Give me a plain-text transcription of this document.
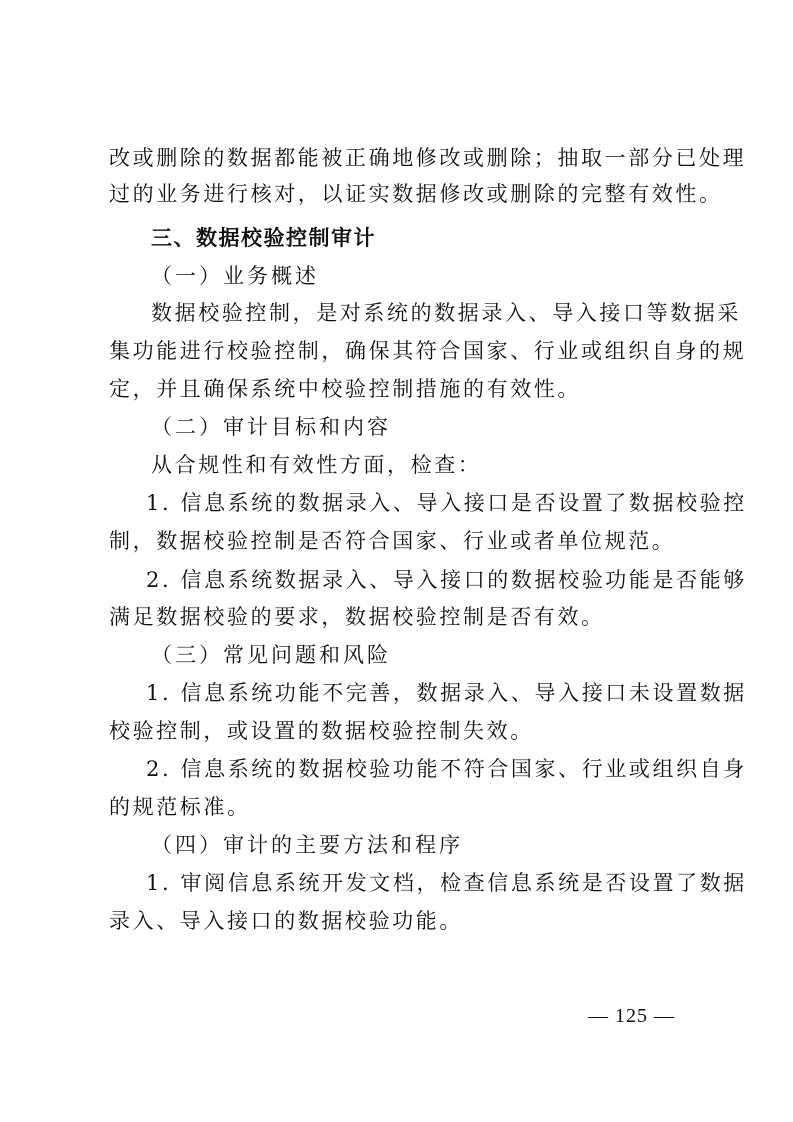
改或删除的数据都能被正确地修改或删除；抽取一部分已处理
过的业务进行核对，以证实数据修改或删除的完整有效性。
三、数据校验控制审计
（一）业务概述
数据校验控制，是对系统的数据录入、导入接口等数据采
集功能进行校验控制，确保其符合国家、行业或组织自身的规
定，并且确保系统中校验控制措施的有效性。
（二）审计目标和内容
从合规性和有效性方面，检查：
1. 信息系统的数据录入、导入接口是否设置了数据校验控
制，数据校验控制是否符合国家、行业或者单位规范。
2. 信息系统数据录入、导入接口的数据校验功能是否能够
满足数据校验的要求，数据校验控制是否有效。
（三）常见问题和风险
1. 信息系统功能不完善，数据录入、导入接口未设置数据
校验控制，或设置的数据校验控制失效。
2. 信息系统的数据校验功能不符合国家、行业或组织自身
的规范标准。
（四）审计的主要方法和程序
1. 审阅信息系统开发文档，检查信息系统是否设置了数据
录入、导入接口的数据校验功能。
— 125 —
